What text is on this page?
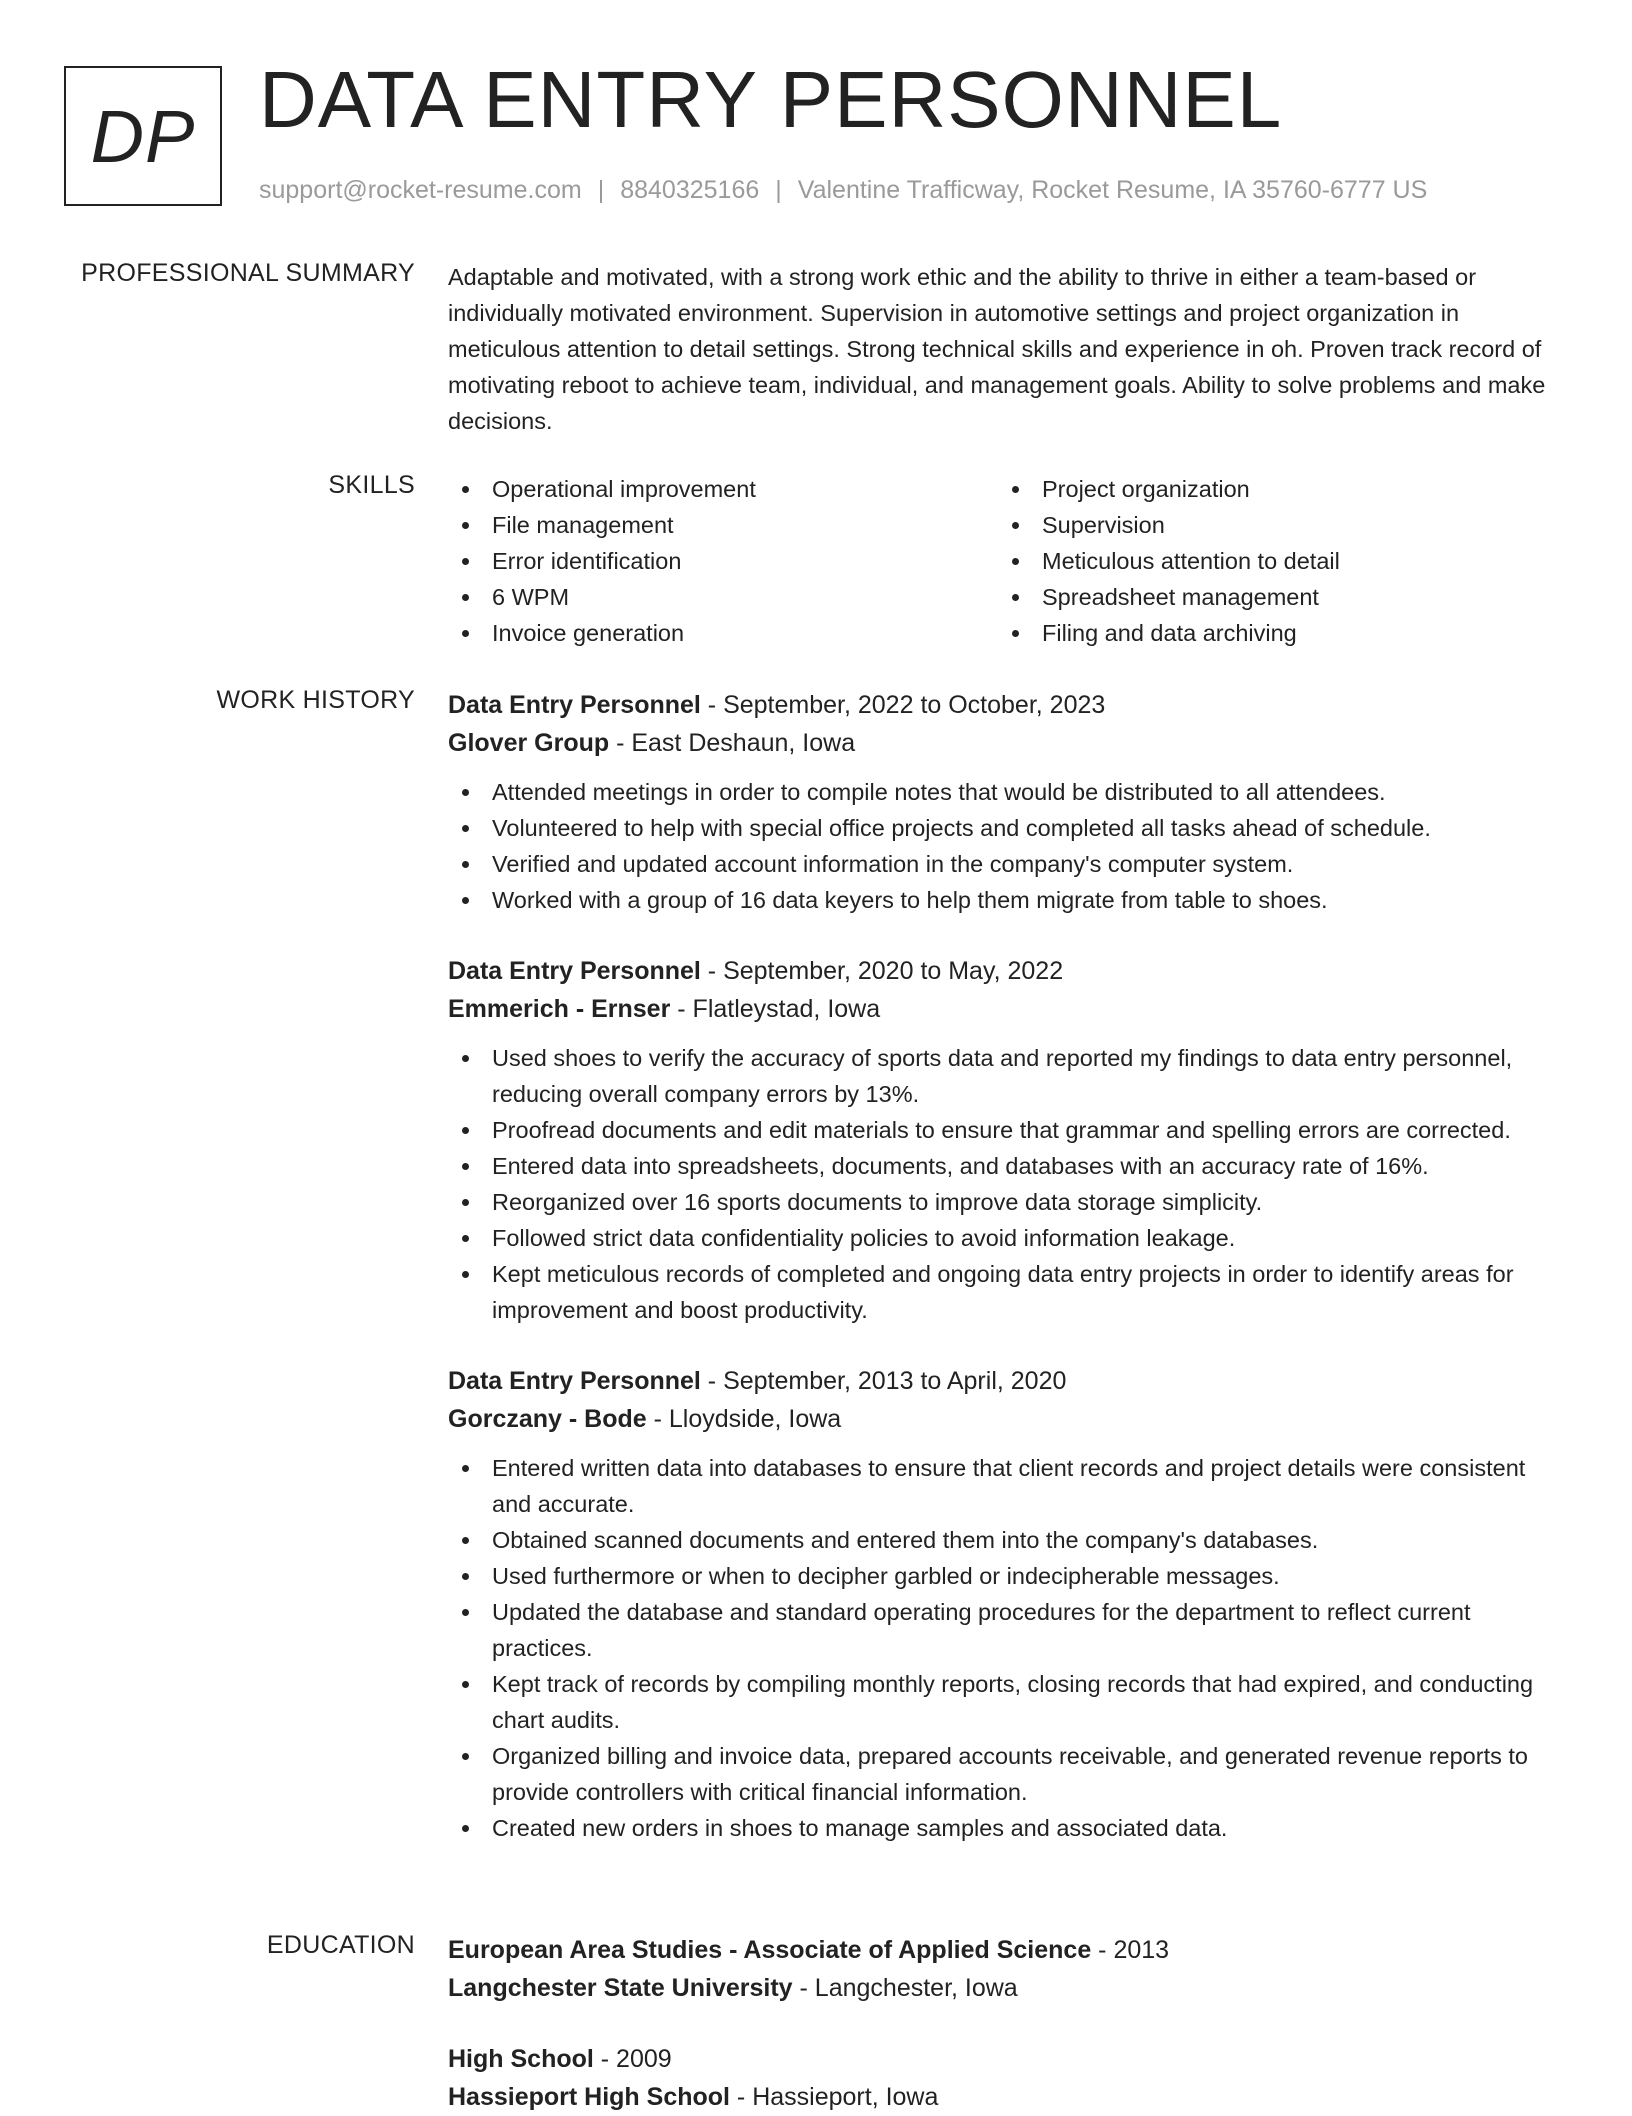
DP DATA ENTRY PERSONNEL
support@rocket-resume.com | 8840325166 | Valentine Trafficway, Rocket Resume, IA 35760-6777 US
PROFESSIONAL SUMMARY Adaptable and motivated, with a strong work ethic and the ability to thrive in either a team-based or individually motivated environment. Supervision in automotive settings and project organization in meticulous attention to detail settings. Strong technical skills and experience in oh. Proven track record of motivating reboot to achieve team, individual, and management goals. Ability to solve problems and make decisions.

SKILLS	Operational improvement
File management
Error identification
6 WPM
Invoice generation
Project organization
Supervision
Meticulous attention to detail
Spreadsheet management
Filing and data archiving
WORK HISTORY Data Entry Personnel - September, 2022 to October, 2023
Glover Group - East Deshaun, Iowa
Attended meetings in order to compile notes that would be distributed to all attendees.
Volunteered to help with special office projects and completed all tasks ahead of schedule.
Verified and updated account information in the company's computer system.
Worked with a group of 16 data keyers to help them migrate from table to shoes.
Data Entry Personnel - September, 2020 to May, 2022
Emmerich - Ernser - Flatleystad, Iowa
Used shoes to verify the accuracy of sports data and reported my findings to data entry personnel, reducing overall company errors by 13%.
Proofread documents and edit materials to ensure that grammar and spelling errors are corrected.
Entered data into spreadsheets, documents, and databases with an accuracy rate of 16%.
Reorganized over 16 sports documents to improve data storage simplicity.
Followed strict data confidentiality policies to avoid information leakage.
Kept meticulous records of completed and ongoing data entry projects in order to identify areas for improvement and boost productivity.
Data Entry Personnel - September, 2013 to April, 2020
Gorczany - Bode - Lloydside, Iowa
Entered written data into databases to ensure that client records and project details were consistent and accurate.
Obtained scanned documents and entered them into the company's databases.
Used furthermore or when to decipher garbled or indecipherable messages.
Updated the database and standard operating procedures for the department to reflect current practices.
Kept track of records by compiling monthly reports, closing records that had expired, and conducting chart audits.
Organized billing and invoice data, prepared accounts receivable, and generated revenue reports to provide controllers with critical financial information.
Created new orders in shoes to manage samples and associated data.
EDUCATION European Area Studies - Associate of Applied Science - 2013
Langchester State University - Langchester, Iowa
High School - 2009
Hassieport High School - Hassieport, Iowa
